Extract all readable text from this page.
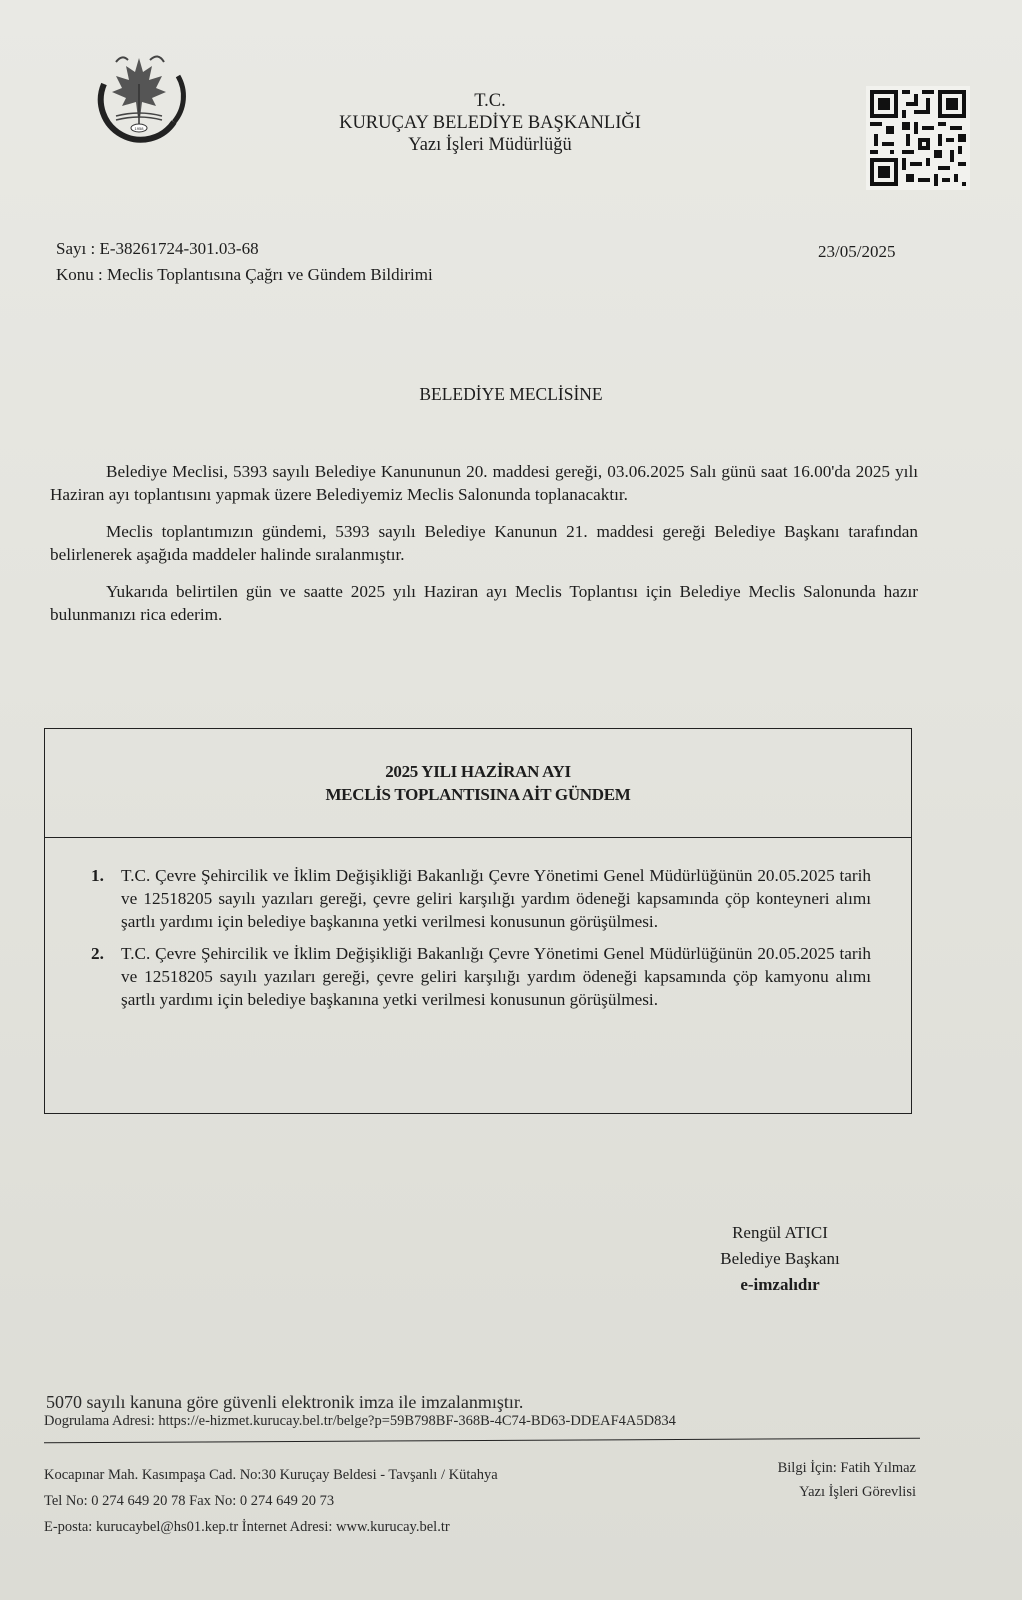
1958
T.C.
KURUÇAY BELEDİYE BAŞKANLIĞI
Yazı İşleri Müdürlüğü
Sayı : E-38261724-301.03-68
Konu : Meclis Toplantısına Çağrı ve Gündem Bildirimi
23/05/2025
BELEDİYE MECLİSİNE

Belediye Meclisi, 5393 sayılı Belediye Kanununun 20. maddesi gereği, 03.06.2025 Salı günü saat 16.00'da 2025 yılı Haziran ayı toplantısını yapmak üzere Belediyemiz Meclis Salonunda toplanacaktır.

Meclis toplantımızın gündemi, 5393 sayılı Belediye Kanunun 21. maddesi gereği Belediye Başkanı tarafından belirlenerek aşağıda maddeler halinde sıralanmıştır.

Yukarıda belirtilen gün ve saatte 2025 yılı Haziran ayı Meclis Toplantısı için Belediye Meclis Salonunda hazır bulunmanızı rica ederim.

2025 YILI HAZİRAN AYI
MECLİS TOPLANTISINA AİT GÜNDEM
1. T.C. Çevre Şehircilik ve İklim Değişikliği Bakanlığı Çevre Yönetimi Genel Müdürlüğünün 20.05.2025 tarih ve 12518205 sayılı yazıları gereği, çevre geliri karşılığı yardım ödeneği kapsamında çöp konteyneri alımı şartlı yardımı için belediye başkanına yetki verilmesi konusunun görüşülmesi.
2. T.C. Çevre Şehircilik ve İklim Değişikliği Bakanlığı Çevre Yönetimi Genel Müdürlüğünün 20.05.2025 tarih ve 12518205 sayılı yazıları gereği, çevre geliri karşılığı yardım ödeneği kapsamında çöp kamyonu alımı şartlı yardımı için belediye başkanına yetki verilmesi konusunun görüşülmesi.
Rengül ATICI
Belediye Başkanı
e-imzalıdır
5070 sayılı kanuna göre güvenli elektronik imza ile imzalanmıştır.
Dogrulama Adresi: https://e-hizmet.kurucay.bel.tr/belge?p=59B798BF-368B-4C74-BD63-DDEAF4A5D834
Kocapınar Mah. Kasımpaşa Cad. No:30 Kuruçay Beldesi - Tavşanlı / Kütahya
Tel No: 0 274 649 20 78 Fax No: 0 274 649 20 73
E-posta: kurucaybel@hs01.kep.tr İnternet Adresi: www.kurucay.bel.tr
Bilgi İçin: Fatih Yılmaz
Yazı İşleri Görevlisi
